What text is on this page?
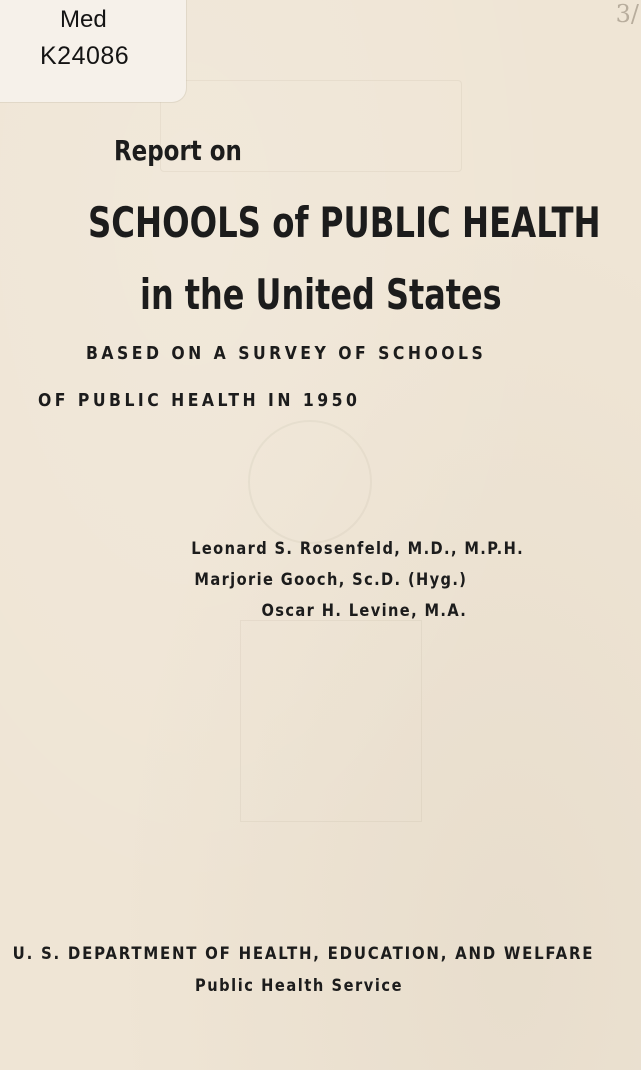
Med
K24086
3/
Report on
SCHOOLS of PUBLIC HEALTH
in the United States
BASED ON A SURVEY OF SCHOOLS
OF PUBLIC HEALTH IN 1950
Leonard S. Rosenfeld, M.D., M.P.H.
Marjorie Gooch, Sc.D. (Hyg.)
Oscar H. Levine, M.A.
U. S. DEPARTMENT OF HEALTH, EDUCATION, AND WELFARE
Public Health Service
